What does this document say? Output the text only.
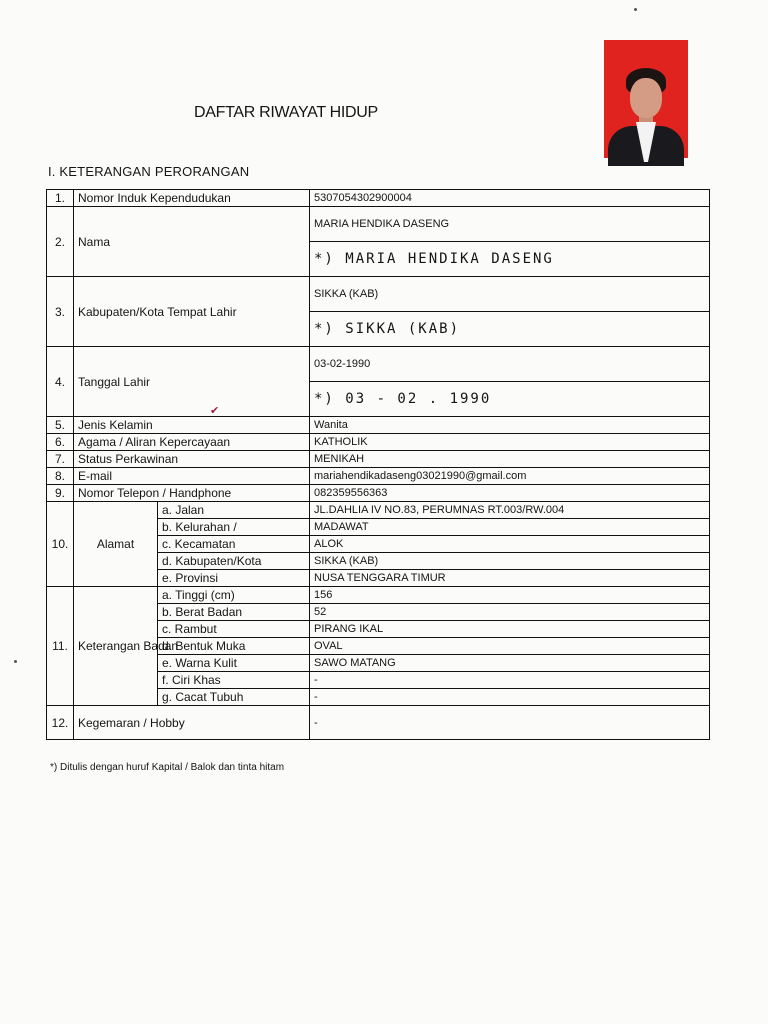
DAFTAR RIWAYAT HIDUP
I. KETERANGAN PERORANGAN
1.	Nomor Induk Kependudukan		5307054302900004
2.	Nama		MARIA HENDIKA DASENG
			*) MARIA HENDIKA DASENG
3.	Kabupaten/Kota Tempat Lahir		SIKKA (KAB)
			*) SIKKA (KAB)
4.	Tanggal Lahir		03-02-1990
			*) 03 - 02 . 1990
5.	Jenis Kelamin		Wanita
6.	Agama / Aliran Kepercayaan		KATHOLIK
7.	Status Perkawinan		MENIKAH
8.	E-mail		mariahendikadaseng03021990@gmail.com
9.	Nomor Telepon / Handphone		082359556363
10.	Alamat	a. Jalan	JL.DAHLIA IV NO.83, PERUMNAS RT.003/RW.004
		b. Kelurahan /	MADAWAT
		c. Kecamatan	ALOK
		d. Kabupaten/Kota	SIKKA (KAB)
		e. Provinsi	NUSA TENGGARA TIMUR
11.	Keterangan Badan	a. Tinggi (cm)	156
		b. Berat Badan	52
		c. Rambut	PIRANG IKAL
		d. Bentuk Muka	OVAL
		e. Warna Kulit	SAWO MATANG
		f. Ciri Khas	-
		g. Cacat Tubuh	-
12.	Kegemaran / Hobby		-
*) Ditulis dengan huruf Kapital / Balok dan tinta hitam
✔
